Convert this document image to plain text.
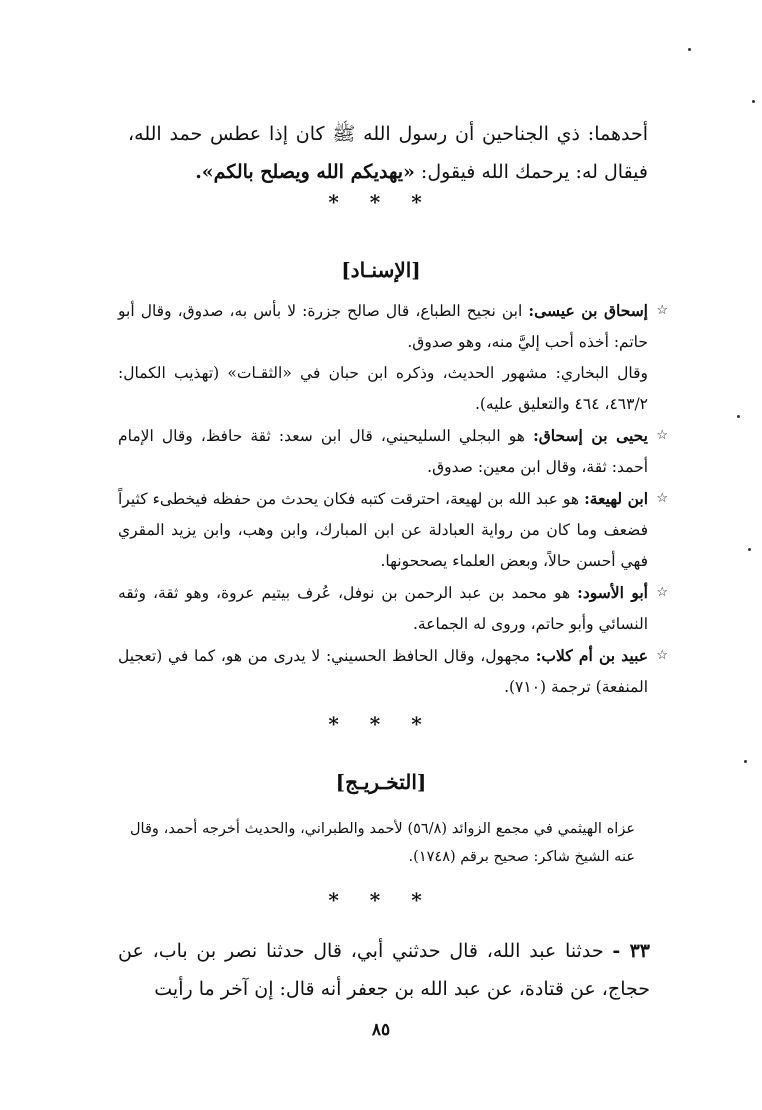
أحدهما: ذي الجناحين أن رسول الله ﷺ كان إذا عطس حمد الله، فيقال له: يرحمك الله فيقول: «يهديكم الله ويصلح بالكم».
* * *
[الإسنـاد]
☆
إسحاق بن عيسى: ابن نجيح الطباع، قال صالح جزرة: لا بأس به، صدوق، وقال أبو حاتم: أخذه أحب إليَّ منه، وهو صدوق.
وقال البخاري: مشهور الحديث، وذكره ابن حبان في «الثقـات» (تهذيب الكمال: ٤٦٣/٢، ٤٦٤ والتعليق عليه).
☆
يحيى بن إسحاق: هو البجلي السليحيني، قال ابن سعد: ثقة حافظ، وقال الإمام أحمد: ثقة، وقال ابن معين: صدوق.
☆
ابن لهيعة: هو عبد الله بن لهيعة، احترقت كتبه فكان يحدث من حفظه فيخطىء كثيراً فضعف وما كان من رواية العبادلة عن ابن المبارك، وابن وهب، وابن يزيد المقري فهي أحسن حالاً، وبعض العلماء يصححونها.
☆
أبو الأسود: هو محمد بن عبد الرحمن بن نوفل، عُرف بيتيم عروة، وهو ثقة، وثقه النسائي وأبو حاتم، وروى له الجماعة.
☆
عبيد بن أم كلاب: مجهول، وقال الحافظ الحسيني: لا يدرى من هو، كما في (تعجيل المنفعة) ترجمة (٧١٠).
* * *
[التخـريـج]
عزاه الهيثمي في مجمع الزوائد (٥٦/٨) لأحمد والطبراني، والحديث أخرجه أحمد، وقال عنه الشيخ شاكر: صحيح برقم (١٧٤٨).
* * *
٣٣ - حدثنا عبد الله، قال حدثني أبي، قال حدثنا نصر بن باب، عن حجاج، عن قتادة، عن عبد الله بن جعفر أنه قال: إن آخر ما رأيت
٨٥
